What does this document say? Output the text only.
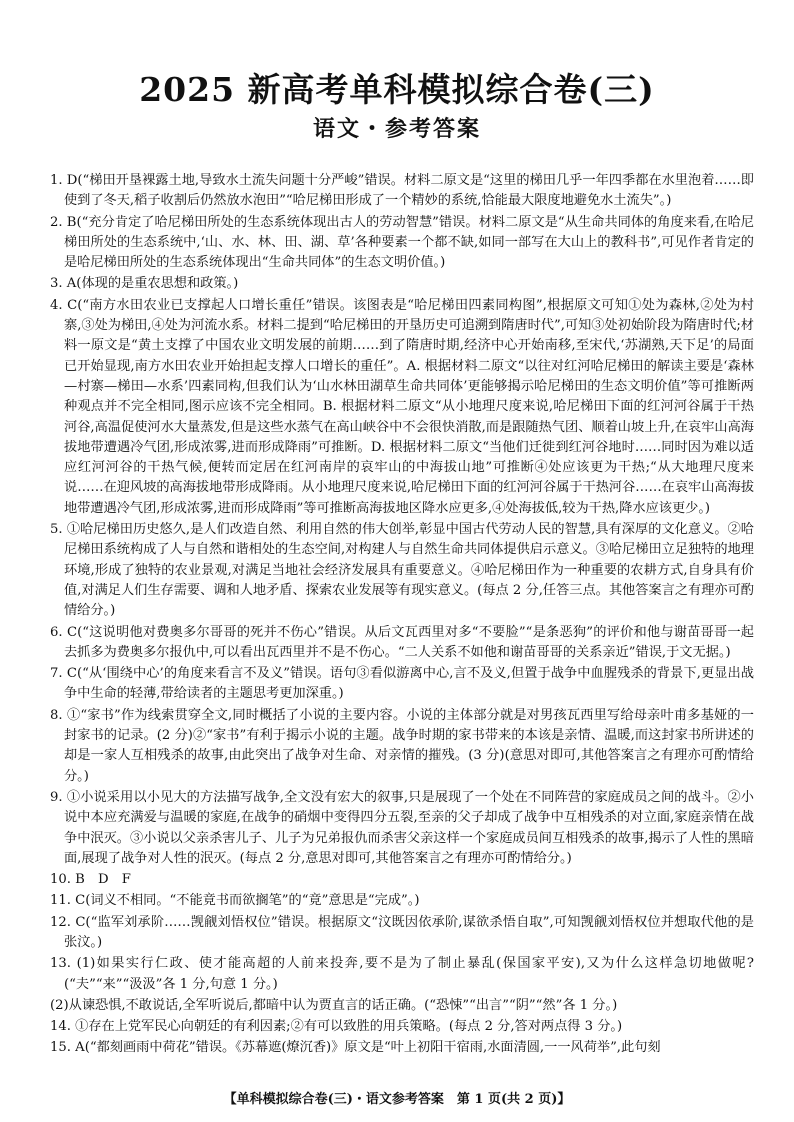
2025 新高考单科模拟综合卷(三)
语文・参考答案
1. D(“梯田开垦裸露土地,导致水土流失问题十分严峻”错误。材料二原文是“这里的梯田几乎一年四季都在水里泡着……即使到了冬天,稻子收割后仍然放水泡田”“哈尼梯田形成了一个精妙的系统,恰能最大限度地避免水土流失”。)
2. B(“充分肯定了哈尼梯田所处的生态系统体现出古人的劳动智慧”错误。材料二原文是“从生命共同体的角度来看,在哈尼梯田所处的生态系统中,‘山、水、林、田、湖、草’各种要素一个都不缺,如同一部写在大山上的教科书”,可见作者肯定的是哈尼梯田所处的生态系统体现出“生命共同体”的生态文明价值。)
3. A(体现的是重农思想和政策。)
4. C(“南方水田农业已支撑起人口增长重任”错误。该图表是“哈尼梯田四素同构图”,根据原文可知①处为森林,②处为村寨,③处为梯田,④处为河流水系。材料二提到“哈尼梯田的开垦历史可追溯到隋唐时代”,可知③处初始阶段为隋唐时代;材料一原文是“黄土支撑了中国农业文明发展的前期……到了隋唐时期,经济中心开始南移,至宋代,‘苏湖熟,天下足’的局面已开始显现,南方水田农业开始担起支撑人口增长的重任”。A. 根据材料二原文“以往对红河哈尼梯田的解读主要是‘森林—村寨—梯田—水系’四素同构,但我们认为‘山水林田湖草生命共同体’更能够揭示哈尼梯田的生态文明价值”等可推断两种观点并不完全相同,图示应该不完全相同。B. 根据材料二原文“从小地理尺度来说,哈尼梯田下面的红河河谷属于干热河谷,高温促使河水大量蒸发,但是这些水蒸气在高山峡谷中不会很快消散,而是跟随热气团、顺着山坡上升,在哀牢山高海拔地带遭遇冷气团,形成浓雾,进而形成降雨”可推断。D. 根据材料二原文“当他们迁徙到红河谷地时……同时因为难以适应红河河谷的干热气候,便转而定居在红河南岸的哀牢山的中海拔山地”可推断④处应该更为干热;“从大地理尺度来说……在迎风坡的高海拔地带形成降雨。从小地理尺度来说,哈尼梯田下面的红河河谷属于干热河谷……在哀牢山高海拔地带遭遇冷气团,形成浓雾,进而形成降雨”等可推断高海拔地区降水应更多,④处海拔低,较为干热,降水应该更少。)
5. ①哈尼梯田历史悠久,是人们改造自然、利用自然的伟大创举,彰显中国古代劳动人民的智慧,具有深厚的文化意义。②哈尼梯田系统构成了人与自然和谐相处的生态空间,对构建人与自然生命共同体提供启示意义。③哈尼梯田立足独特的地理环境,形成了独特的农业景观,对满足当地社会经济发展具有重要意义。④哈尼梯田作为一种重要的农耕方式,自身具有价值,对满足人们生存需要、调和人地矛盾、探索农业发展等有现实意义。(每点 2 分,任答三点。其他答案言之有理亦可酌情给分。)
6. C(“这说明他对费奥多尔哥哥的死并不伤心”错误。从后文瓦西里对多“不要脸”“是条恶狗”的评价和他与谢苗哥哥一起去抓多为费奥多尔报仇中,可以看出瓦西里并不是不伤心。“二人关系不如他和谢苗哥哥的关系亲近”错误,于文无据。)
7. C(“从‘围绕中心’的角度来看言不及义”错误。语句③看似游离中心,言不及义,但置于战争中血腥残杀的背景下,更显出战争中生命的轻薄,带给读者的主题思考更加深重。)
8. ①“家书”作为线索贯穿全文,同时概括了小说的主要内容。小说的主体部分就是对男孩瓦西里写给母亲叶甫多基娅的一封家书的记录。(2 分)②“家书”有利于揭示小说的主题。战争时期的家书带来的本该是亲情、温暖,而这封家书所讲述的却是一家人互相残杀的故事,由此突出了战争对生命、对亲情的摧残。(3 分)(意思对即可,其他答案言之有理亦可酌情给分。)
9. ①小说采用以小见大的方法描写战争,全文没有宏大的叙事,只是展现了一个处在不同阵营的家庭成员之间的战斗。②小说中本应充满爱与温暖的家庭,在战争的硝烟中变得四分五裂,至亲的父子却成了战争中互相残杀的对立面,家庭亲情在战争中泯灭。③小说以父亲杀害儿子、儿子为兄弟报仇而杀害父亲这样一个家庭成员间互相残杀的故事,揭示了人性的黑暗面,展现了战争对人性的泯灭。(每点 2 分,意思对即可,其他答案言之有理亦可酌情给分。)
10. B　D　F
11. C(词义不相同。“不能竟书而欲搁笔”的“竟”意思是“完成”。)
12. C(“监军刘承阶……觊觎刘悟权位”错误。根据原文“汶既因依承阶,谋欲杀悟自取”,可知觊觎刘悟权位并想取代他的是张汶。)
13. (1)如果实行仁政、使才能高超的人前来投奔,要不是为了制止暴乱(保国家平安),又为什么这样急切地做呢?(“夫”“来”“汲汲”各 1 分,句意 1 分。)
(2)从谏恐惧,不敢说话,全军听说后,都暗中认为贾直言的话正确。(“恐悚”“出言”“阴”“然”各 1 分。)
14. ①存在上党军民心向朝廷的有利因素;②有可以致胜的用兵策略。(每点 2 分,答对两点得 3 分。)
15. A(“都刻画雨中荷花”错误。《苏幕遮(燎沉香)》原文是“叶上初阳干宿雨,水面清圆,一一风荷举”,此句刻
【单科模拟综合卷(三)・语文参考答案　第 1 页(共 2 页)】
